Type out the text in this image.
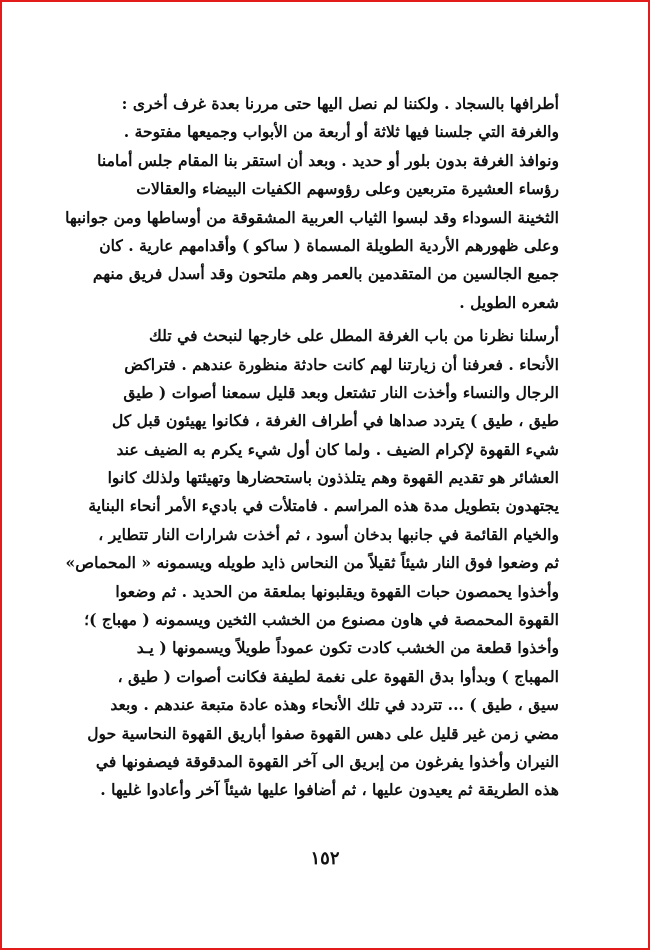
أطرافها بالسجاد . ولكننا لم نصل اليها حتى مررنا بعدة غرف أخرى :
والغرفة التي جلسنا فيها ثلاثة أو أربعة من الأبواب وجميعها مفتوحة .
ونوافذ الغرفة بدون بلور أو حديد . وبعد أن استقر بنا المقام جلس أمامنا
رؤساء العشيرة متربعين وعلى رؤوسهم الكفيات البيضاء والعقالات
الثخينة السوداء وقد لبسوا الثياب العربية المشقوقة من أوساطها ومن جوانبها
وعلى ظهورهم الأردية الطويلة المسماة ( ساكو ) وأقدامهم عارية . كان
جميع الجالسين من المتقدمين بالعمر وهم ملتحون وقد أسدل فريق منهم
شعره الطويل .
أرسلنا نظرنا من باب الغرفة المطل على خارجها لنبحث في تلك
الأنحاء . فعرفنا أن زيارتنا لهم كانت حادثة منظورة عندهم . فتراكض
الرجال والنساء وأخذت النار تشتعل وبعد قليل سمعنا أصوات ( طيق
طيق ، طيق ) يتردد صداها في أطراف الغرفة ، فكانوا يهيئون قبل كل
شيء القهوة لإكرام الضيف . ولما كان أول شيء يكرم به الضيف عند
العشائر هو تقديم القهوة وهم يتلذذون باستحضارها وتهيئتها ولذلك كانوا
يجتهدون بتطويل مدة هذه المراسم . فامتلأت في باديء الأمر أنحاء البناية
والخيام القائمة في جانبها بدخان أسود ، ثم أخذت شرارات النار تتطاير ،
ثم وضعوا فوق النار شيئاً ثقيلاً من النحاس ذايد طويله ويسمونه « المحماص»
وأخذوا يحمصون حبات القهوة ويقلبونها بملعقة من الحديد . ثم وضعوا
القهوة المحمصة في هاون مصنوع من الخشب الثخين ويسمونه ( مهباج )؛
وأخذوا قطعة من الخشب كادت تكون عموداً طويلاً ويسمونها ( يـد
المهباج ) وبدأوا بدق القهوة على نغمة لطيفة فكانت أصوات ( طيق ،
سيق ، طيق ) ... تتردد في تلك الأنحاء وهذه عادة متبعة عندهم . وبعد
مضي زمن غير قليل على دهس القهوة صفوا أباريق القهوة النحاسية حول
النيران وأخذوا يفرغون من إبريق الى آخر القهوة المدقوقة فيصفونها في
هذه الطريقة ثم يعيدون عليها ، ثم أضافوا عليها شيئاً آخر وأعادوا غليها .
١٥٢
